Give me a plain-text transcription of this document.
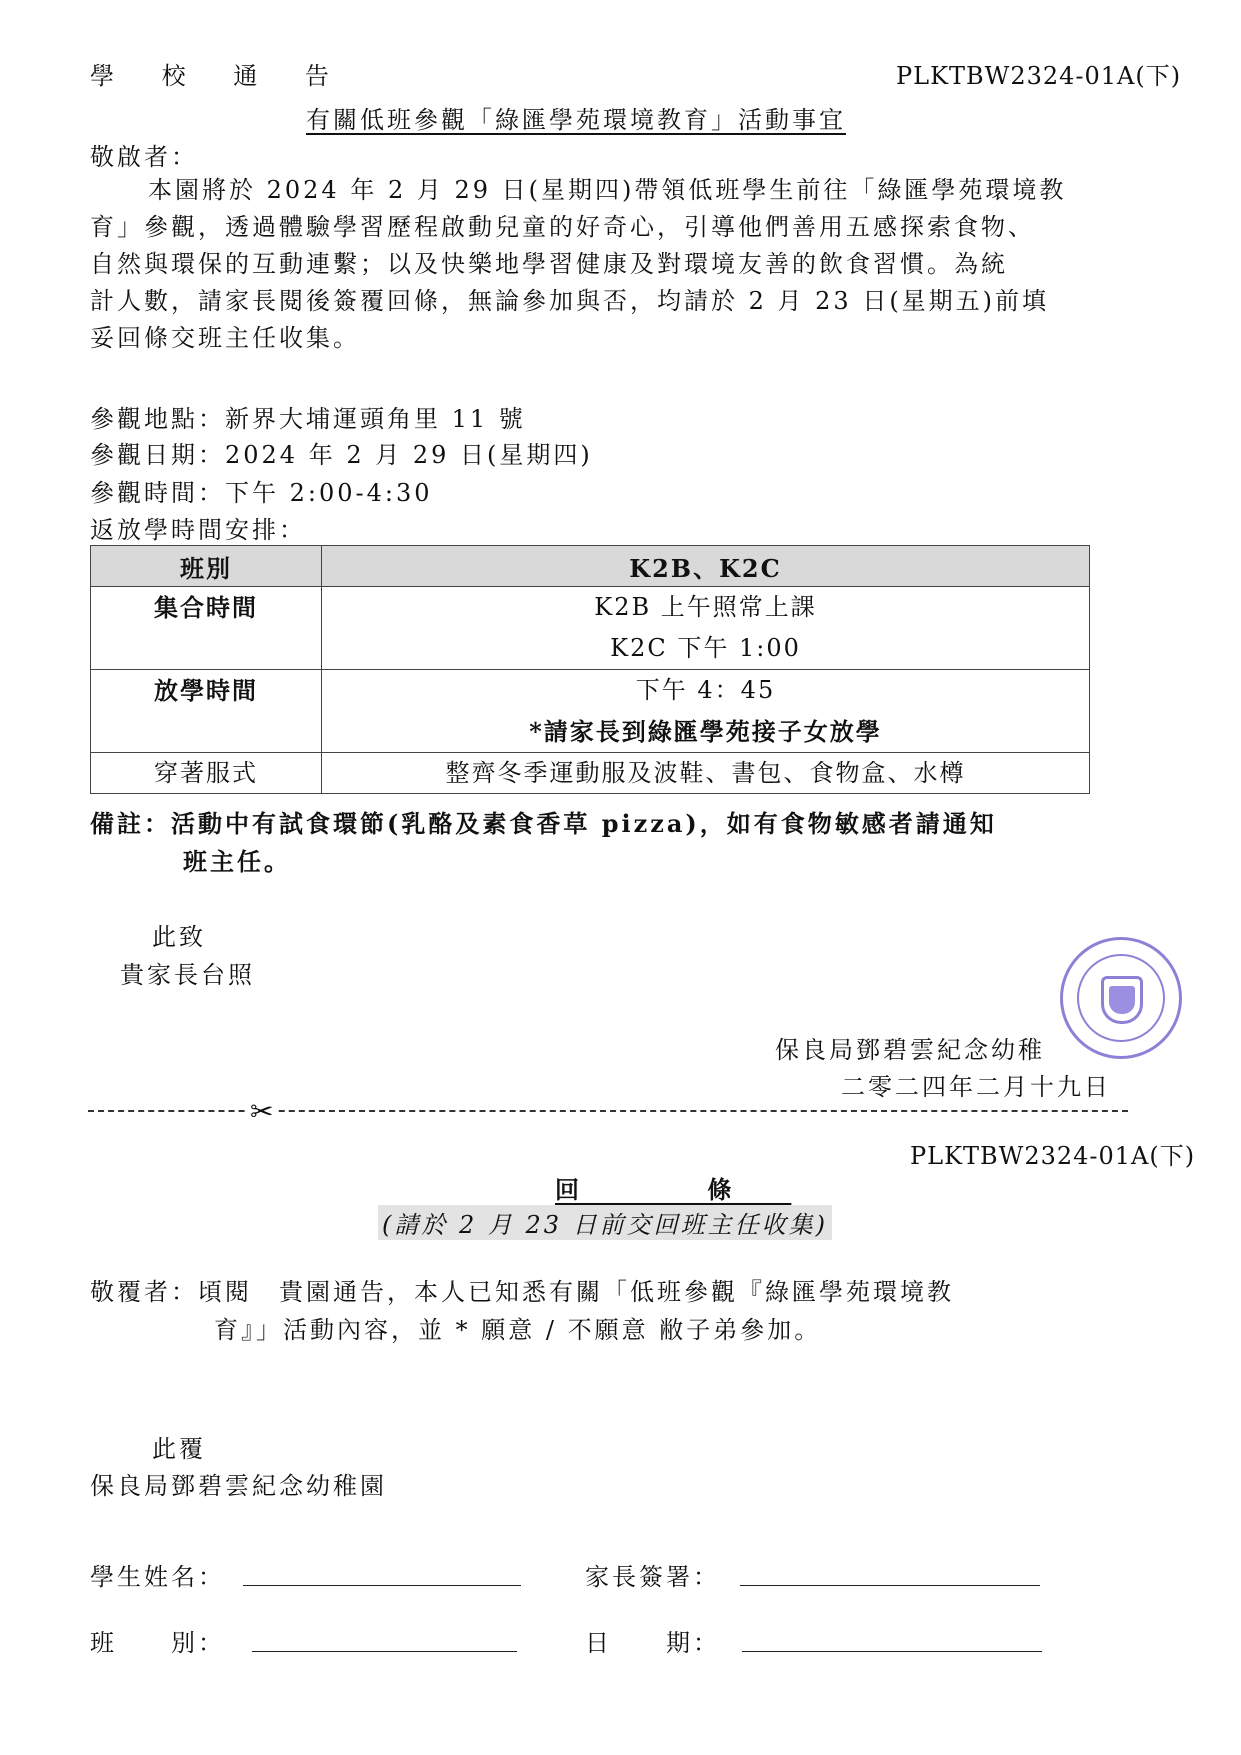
學 校 通 告	PLKTBW2324-01A(下)
有關低班參觀「綠匯學苑環境教育」活動事宜
敬啟者：
本園將於 2024 年 2 月 29 日(星期四)帶領低班學生前往「綠匯學苑環境教
育」參觀，透過體驗學習歷程啟動兒童的好奇心，引導他們善用五感探索食物、
自然與環保的互動連繫；以及快樂地學習健康及對環境友善的飲食習慣。為統
計人數，請家長閱後簽覆回條，無論參加與否，均請於 2 月 23 日(星期五)前填
妥回條交班主任收集。
參觀地點：新界大埔運頭角里 11 號
參觀日期：2024 年 2 月 29 日(星期四)
參觀時間：下午 2:00-4:30
返放學時間安排：
班別	K2B、K2C

集合時間	K2B 上午照常上課
K2C 下午 1:00

放學時間	下午 4：45
*請家長到綠匯學苑接子女放學

穿著服式	整齊冬季運動服及波鞋、書包、食物盒、水樽
備註：活動中有試食環節(乳酪及素食香草 pizza)，如有食物敏感者請通知
班主任。
此致
貴家長台照
保良局鄧碧雲紀念幼稚
二零二四年二月十九日
✂
PLKTBW2324-01A(下)
回 條
(請於 2 月 23 日前交回班主任收集)
敬覆者：頃閱　貴園通告，本人已知悉有關「低班參觀『綠匯學苑環境教
育』」活動內容，並 * 願意 / 不願意 敝子弟參加。
此覆
保良局鄧碧雲紀念幼稚園
學生姓名：	家長簽署：
班　　別：	日　　期：
